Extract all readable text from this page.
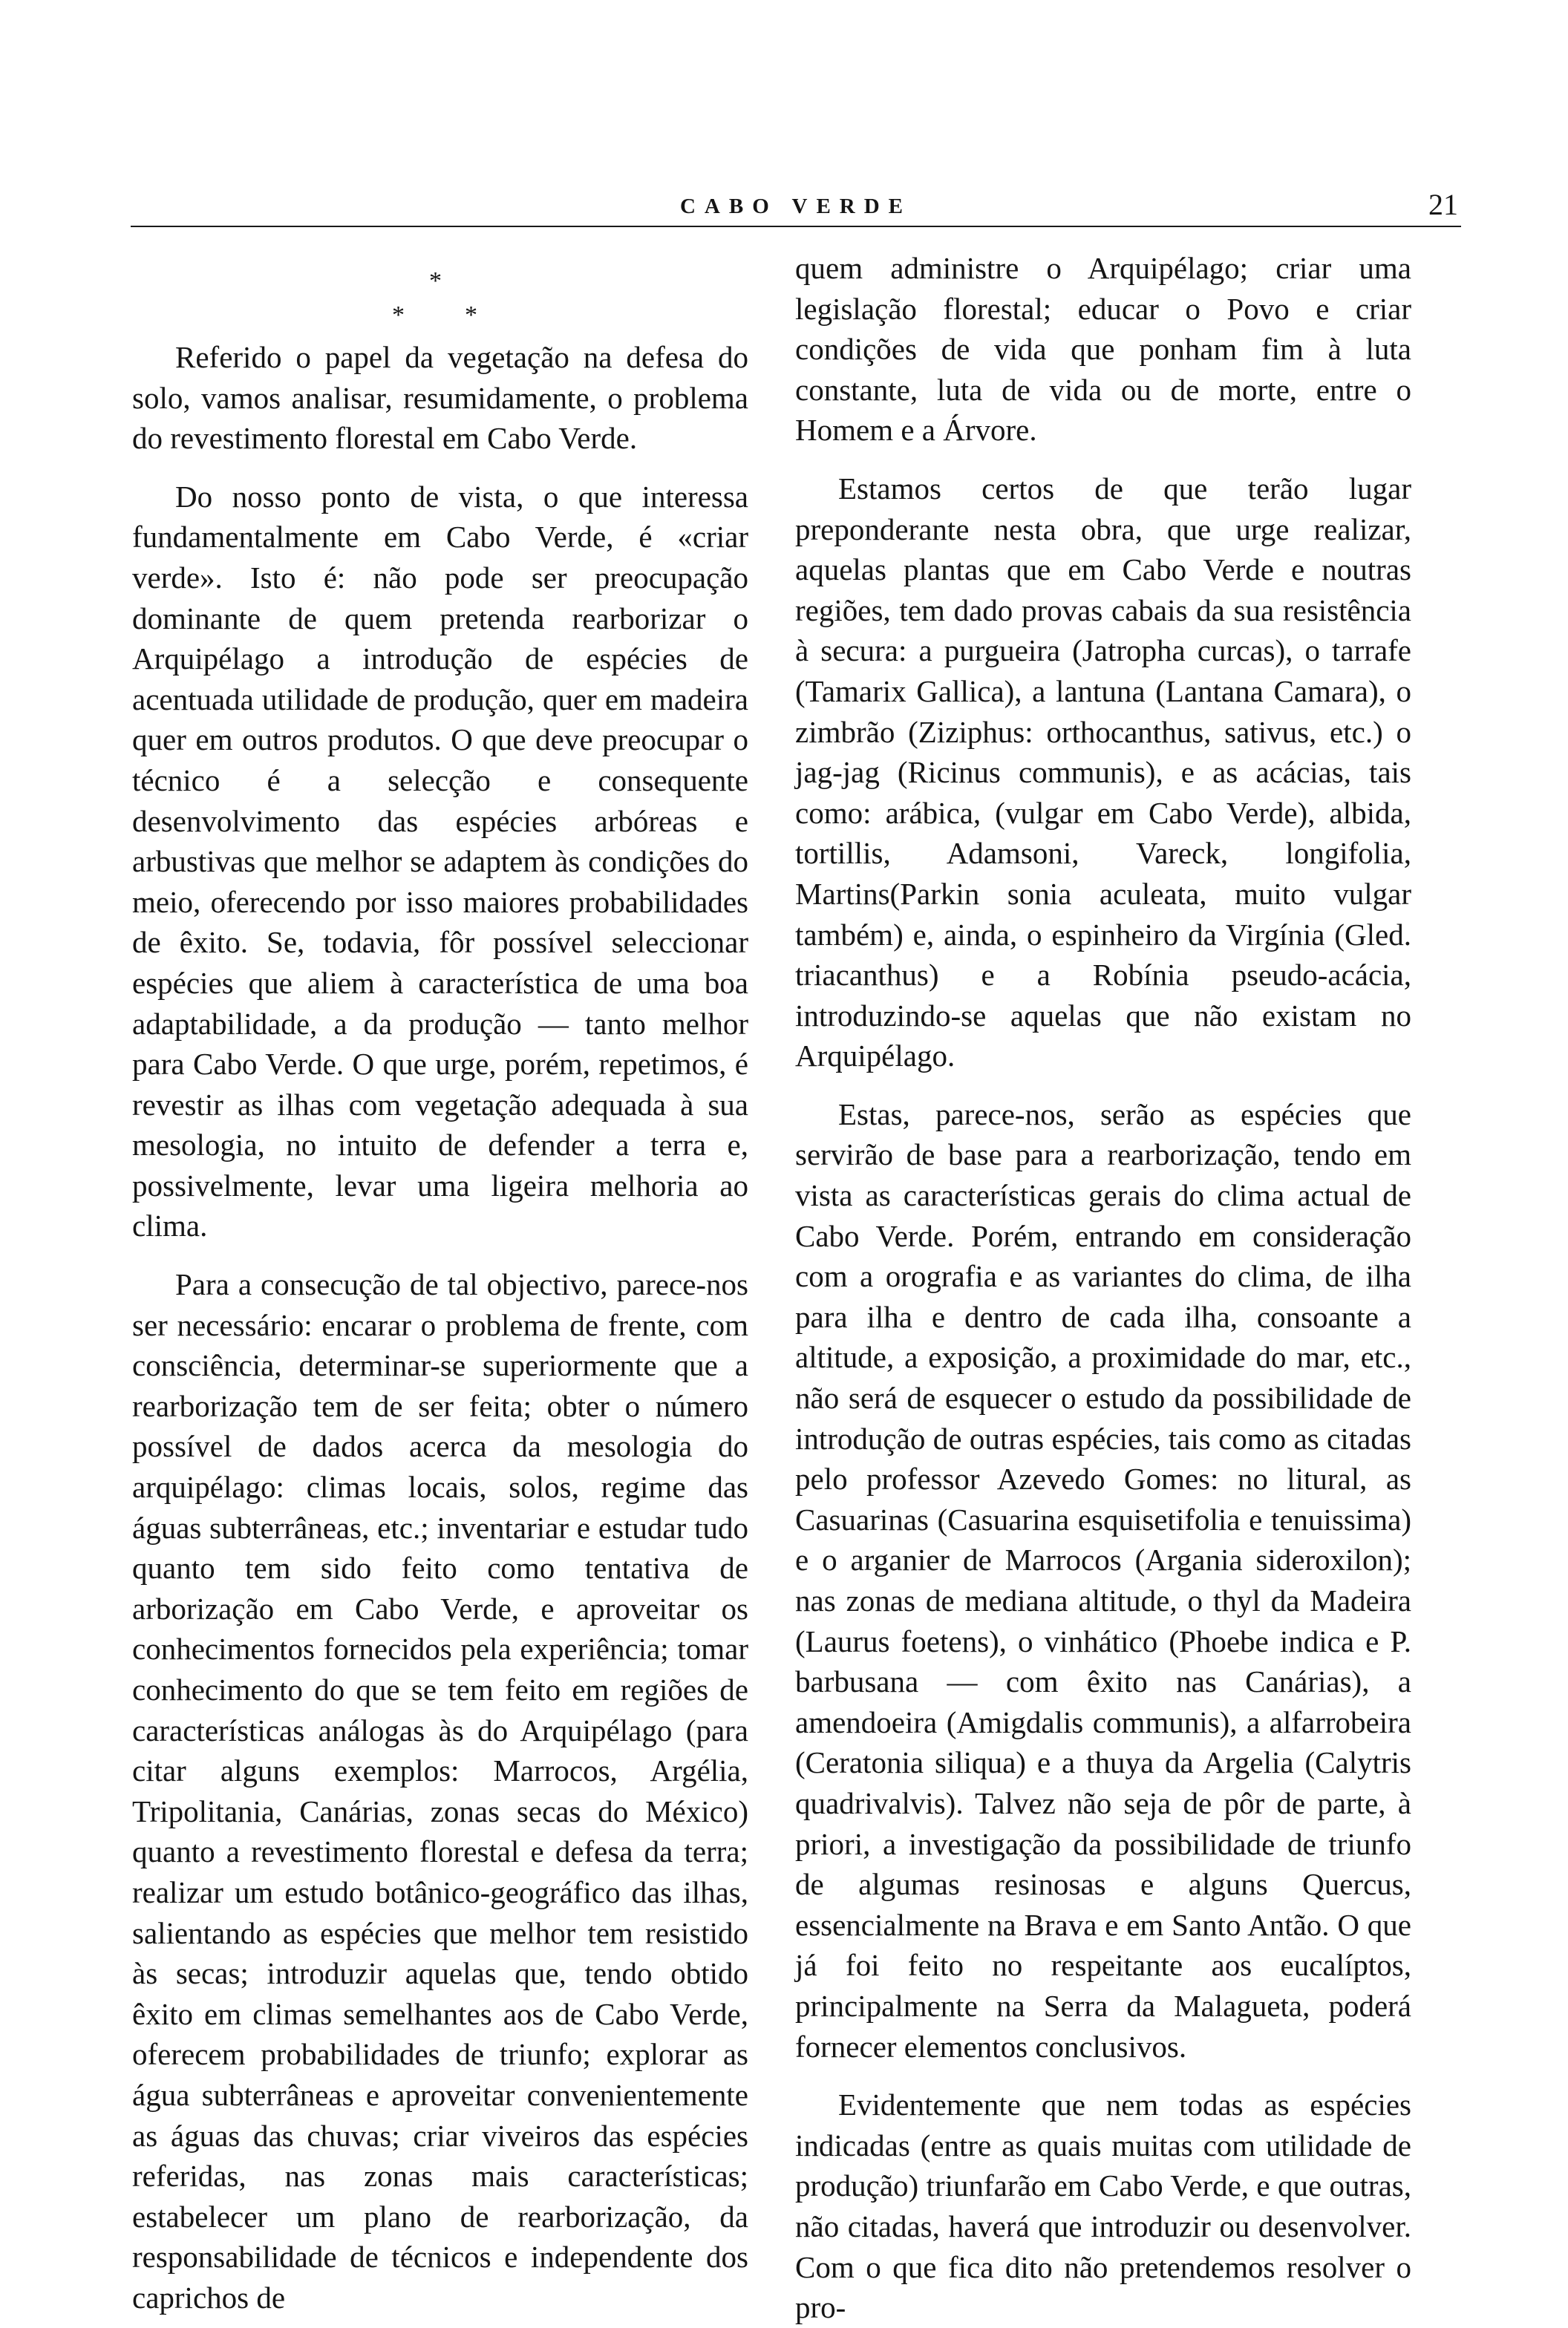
CABO VERDE	21
*
* *

Referido o papel da vegetação na defesa do solo, vamos analisar, resumidamente, o problema do revestimento florestal em Cabo Verde.

Do nosso ponto de vista, o que interessa fundamentalmente em Cabo Verde, é «criar verde». Isto é: não pode ser preocupação dominante de quem pretenda rearborizar o Arquipélago a introdução de espécies de acentuada utilidade de produção, quer em madeira quer em outros produtos. O que deve preocupar o técnico é a selecção e consequente desenvolvimento das espécies arbóreas e arbustivas que melhor se adaptem às condições do meio, oferecendo por isso maiores probabilidades de êxito. Se, todavia, fôr possível seleccionar espécies que aliem à característica de uma boa adaptabilidade, a da produção — tanto melhor para Cabo Verde. O que urge, porém, repetimos, é revestir as ilhas com vegetação adequada à sua mesologia, no intuito de defender a terra e, possivelmente, levar uma ligeira melhoria ao clima.

Para a consecução de tal objectivo, parece-nos ser necessário: encarar o problema de frente, com consciência, determinar-se superiormente que a rearborização tem de ser feita; obter o número possível de dados acerca da mesologia do arquipélago: climas locais, solos, regime das águas subterrâneas, etc.; inventariar e estudar tudo quanto tem sido feito como tentativa de arborização em Cabo Verde, e aproveitar os conhecimentos fornecidos pela experiência; tomar conhecimento do que se tem feito em regiões de características análogas às do Arquipélago (para citar alguns exemplos: Marrocos, Argélia, Tripolitania, Canárias, zonas secas do México) quanto a revestimento florestal e defesa da terra; realizar um estudo botânico-geográfico das ilhas, salientando as espécies que melhor tem resistido às secas; introduzir aquelas que, tendo obtido êxito em climas semelhantes aos de Cabo Verde, oferecem probabilidades de triunfo; explorar as água subterrâneas e aproveitar convenientemente as águas das chuvas; criar viveiros das espécies referidas, nas zonas mais características; estabelecer um plano de rearborização, da responsabilidade de técnicos e independente dos caprichos de

quem administre o Arquipélago; criar uma legislação florestal; educar o Povo e criar condições de vida que ponham fim à luta constante, luta de vida ou de morte, entre o Homem e a Árvore.

Estamos certos de que terão lugar preponderante nesta obra, que urge realizar, aquelas plantas que em Cabo Verde e noutras regiões, tem dado provas cabais da sua resistência à secura: a purgueira (Jatropha curcas), o tarrafe (Tamarix Gallica), a lantuna (Lantana Camara), o zimbrão (Ziziphus: orthocanthus, sativus, etc.) o jag-jag (Ricinus communis), e as acácias, tais como: arábica, (vulgar em Cabo Verde), albida, tortillis, Adamsoni, Vareck, longifolia, Martins(Parkin sonia aculeata, muito vulgar também) e, ainda, o espinheiro da Virgínia (Gled. triacanthus) e a Robínia pseudo-acácia, introduzindo-se aquelas que não existam no Arquipélago.

Estas, parece-nos, serão as espécies que servirão de base para a rearborização, tendo em vista as características gerais do clima actual de Cabo Verde. Porém, entrando em consideração com a orografia e as variantes do clima, de ilha para ilha e dentro de cada ilha, consoante a altitude, a exposição, a proximidade do mar, etc., não será de esquecer o estudo da possibilidade de introdução de outras espécies, tais como as citadas pelo professor Azevedo Gomes: no litural, as Casuarinas (Casuarina esquisetifolia e tenuissima) e o arganier de Marrocos (Argania sideroxilon); nas zonas de mediana altitude, o thyl da Madeira (Laurus foetens), o vinhático (Phoebe indica e P. barbusana — com êxito nas Canárias), a amendoeira (Amigdalis communis), a alfarrobeira (Ceratonia siliqua) e a thuya da Argelia (Calytris quadrivalvis). Talvez não seja de pôr de parte, à priori, a investigação da possibilidade de triunfo de algumas resinosas e alguns Quercus, essencialmente na Brava e em Santo Antão. O que já foi feito no respeitante aos eucalíptos, principalmente na Serra da Malagueta, poderá fornecer elementos conclusivos.

Evidentemente que nem todas as espécies indicadas (entre as quais muitas com utilidade de produção) triunfarão em Cabo Verde, e que outras, não citadas, haverá que introduzir ou desenvolver. Com o que fica dito não pretendemos resolver o pro-
